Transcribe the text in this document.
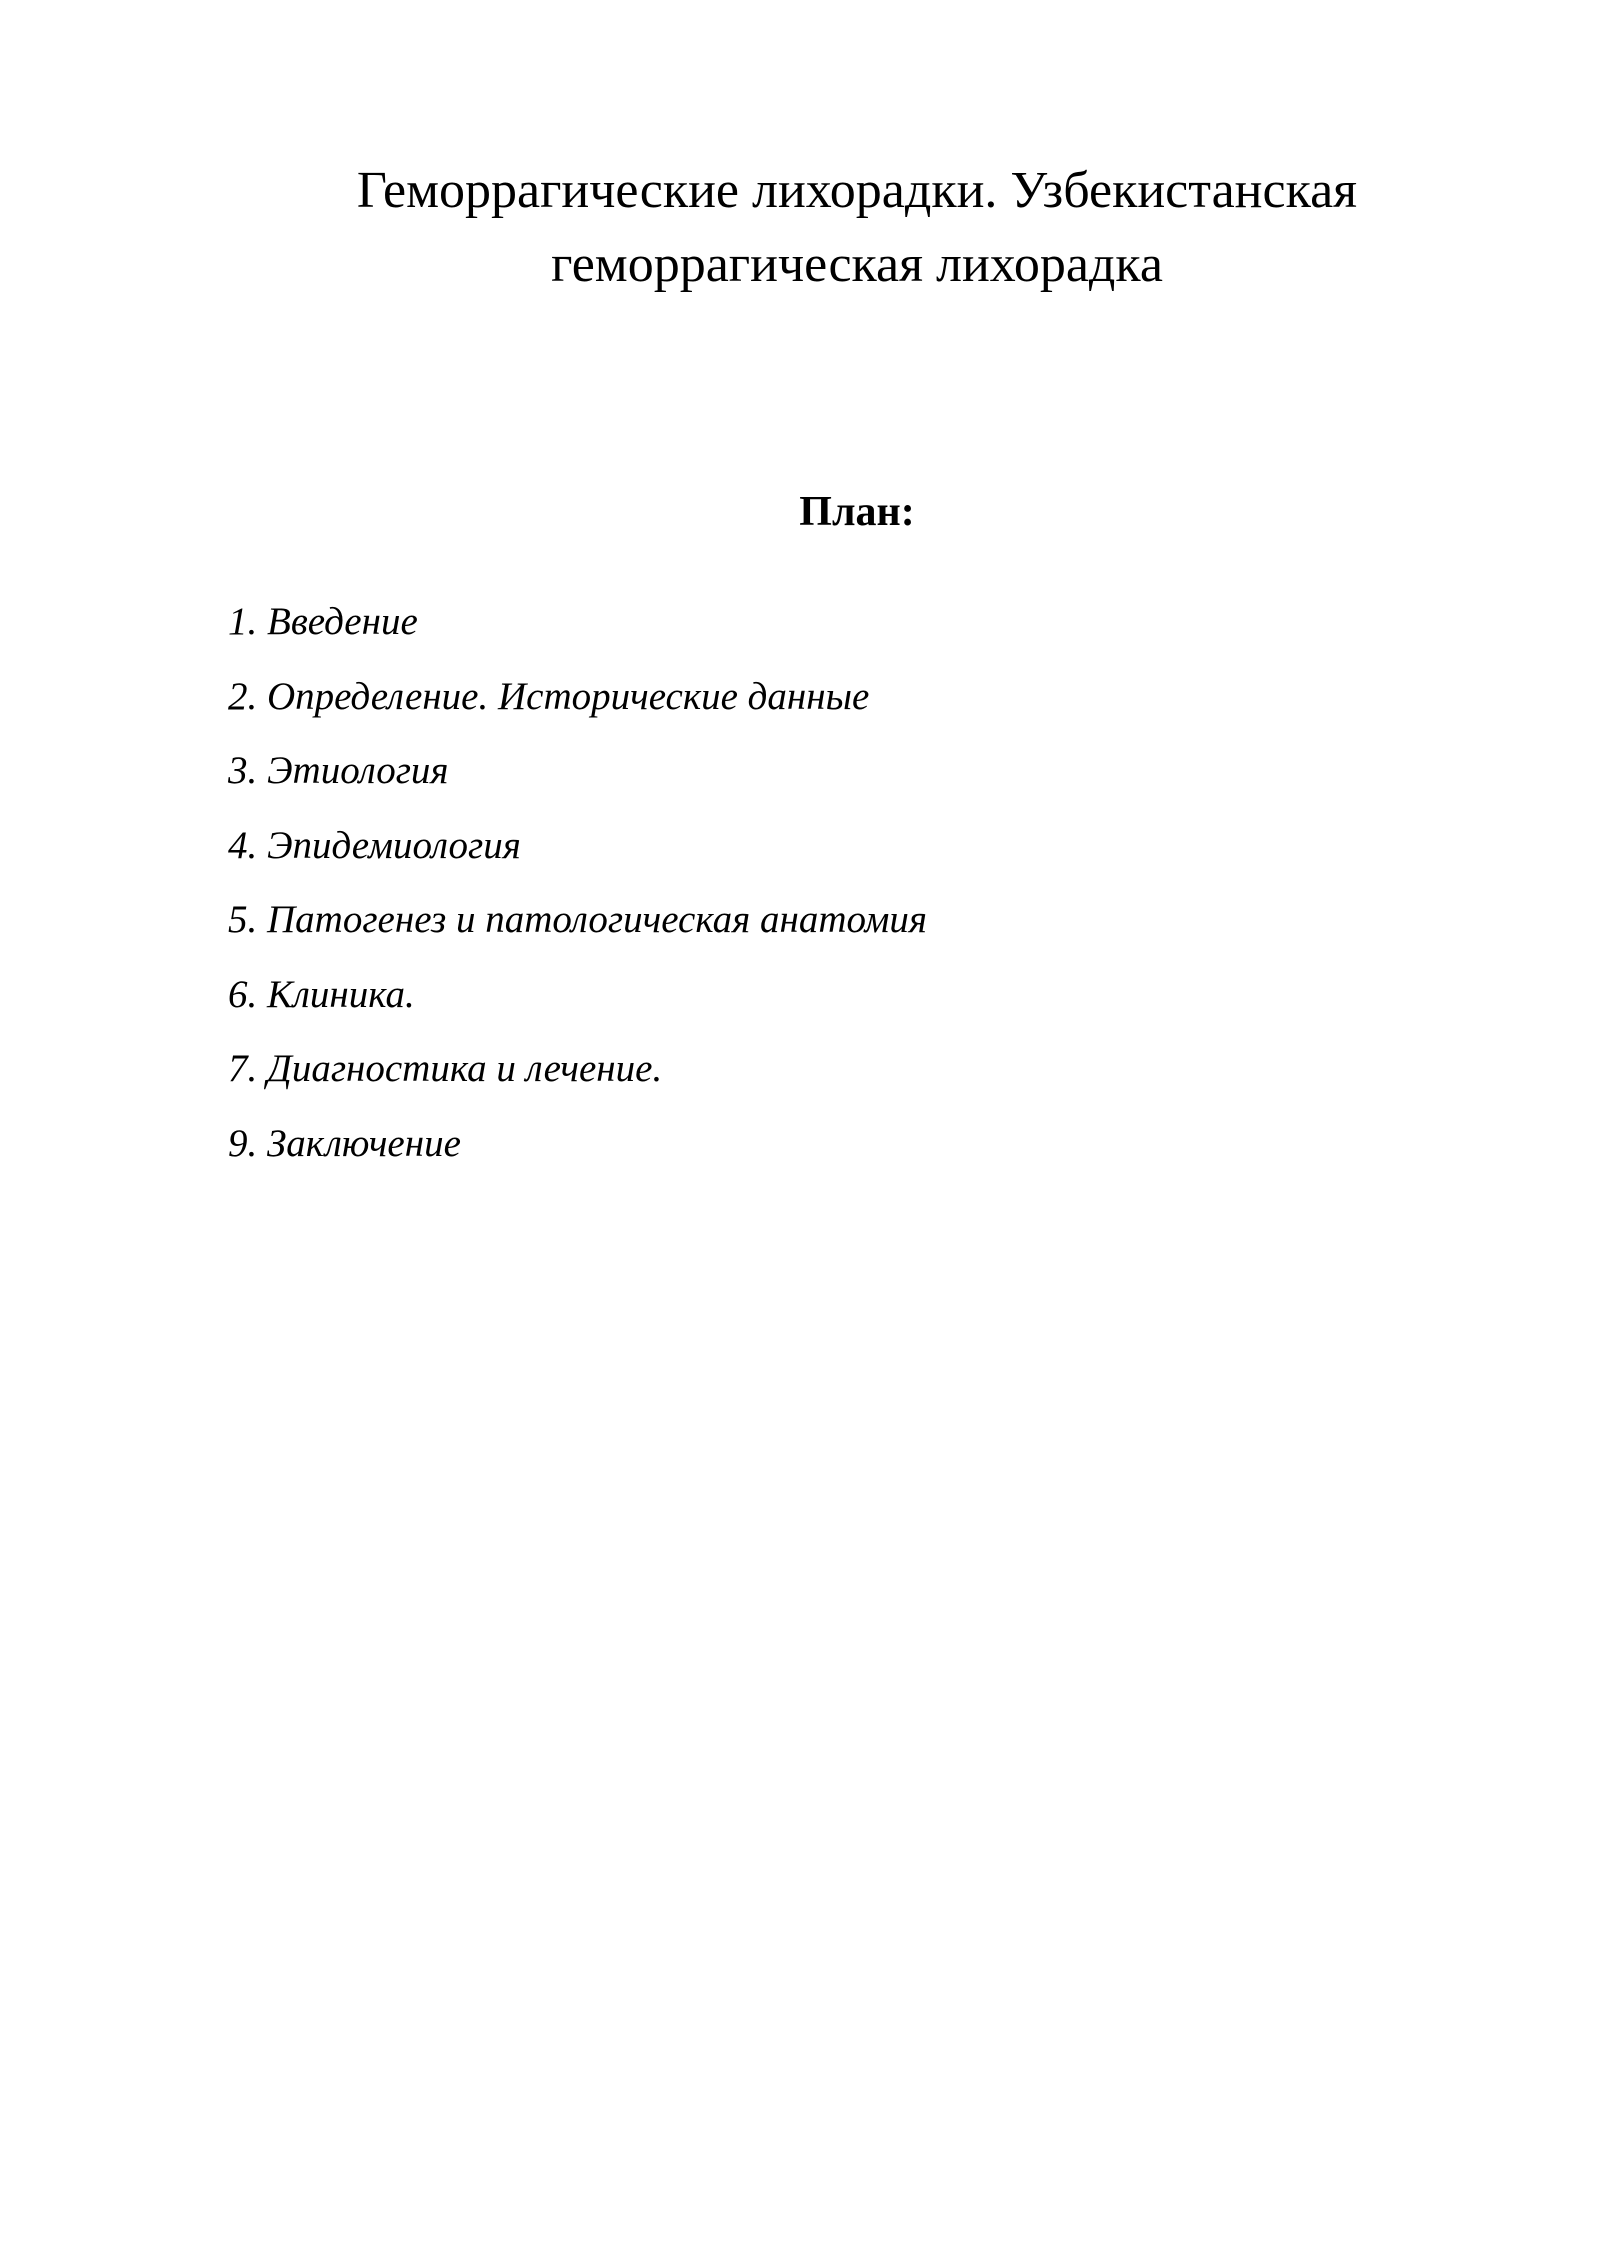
Геморрагические лихорадки. Узбекистанская
геморрагическая лихорадка
План:
1. Введение
2. Определение. Исторические данные
3. Этиология
4. Эпидемиология
5. Патогенез и патологическая анатомия
6. Клиника.
7. Диагностика и лечение.
9. Заключение
